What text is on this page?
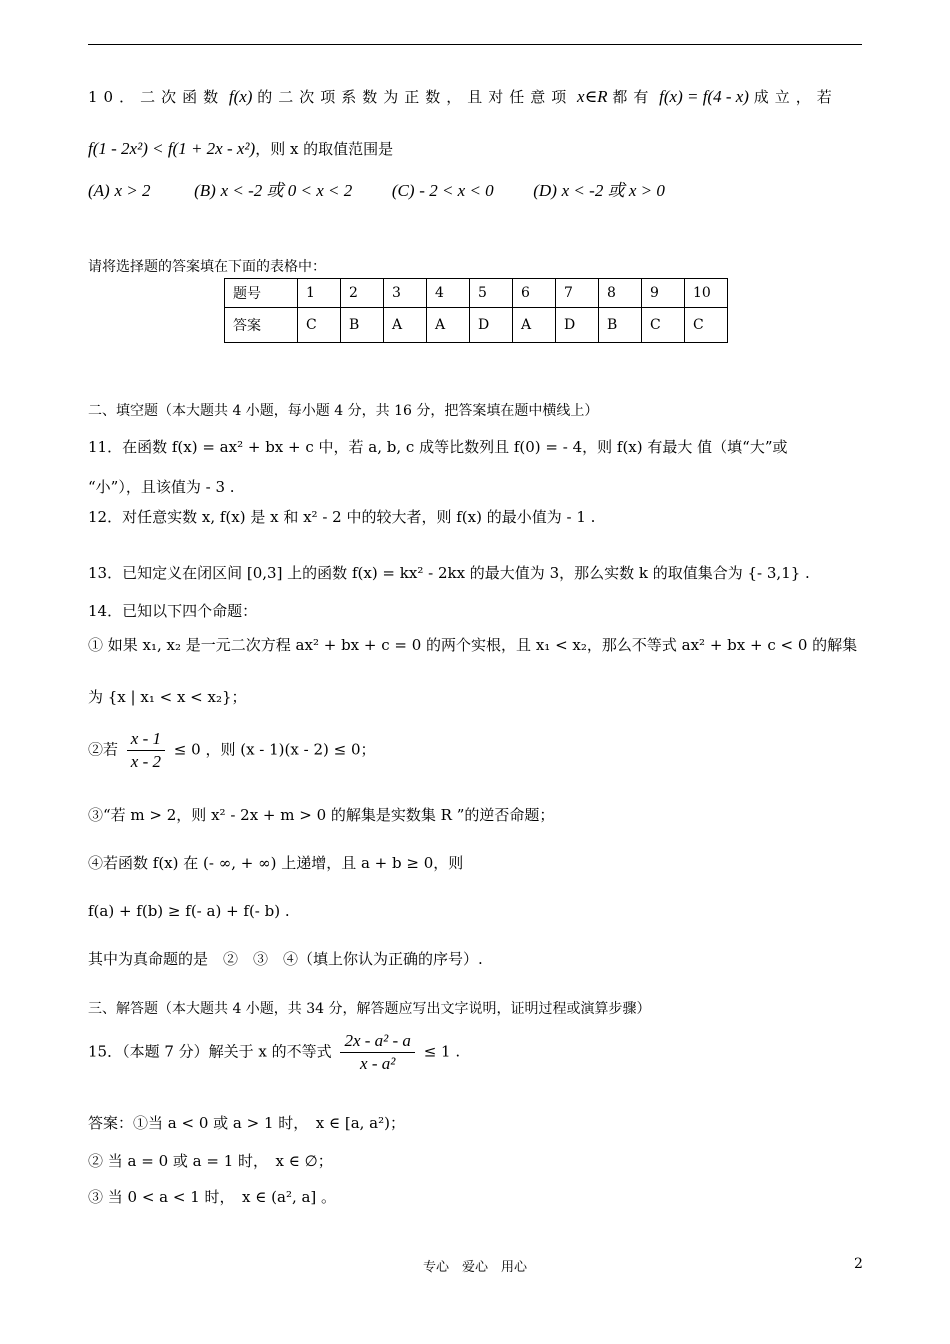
10．二次函数 f(x) 的二次项系数为正数，且对任意项 x∈R 都有 f(x) = f(4 - x) 成立，若
f(1 - 2x²) < f(1 + 2x - x²)，则 x 的取值范围是
(A) x > 2	(B) x < -2 或 0 < x < 2 (C) - 2 < x < 0 (D) x < -2 或 x > 0
请将选择题的答案填在下面的表格中：
题号	1	2	3	4	5	6	7	8	9	10
答案	C	B	A	A	D	A	D	B	C	C
二、填空题（本大题共 4 小题，每小题 4 分，共 16 分，把答案填在题中横线上）
11．在函数 f(x) = ax² + bx + c 中，若 a, b, c 成等比数列且 f(0) = - 4，则 f(x) 有最大 值（填“大”或
“小”），且该值为 - 3 .
12．对任意实数 x, f(x) 是 x 和 x² - 2 中的较大者，则 f(x) 的最小值为 - 1 .
13．已知定义在闭区间 [0,3] 上的函数 f(x) = kx² - 2kx 的最大值为 3，那么实数 k 的取值集合为 {- 3,1} .
14．已知以下四个命题：
① 如果 x₁, x₂ 是一元二次方程 ax² + bx + c = 0 的两个实根，且 x₁ < x₂，那么不等式 ax² + bx + c < 0 的解集
为 {x | x₁ < x < x₂}；
②若 $\frac{x - 1}{x - 2} \le 0$ ，则 (x - 1)(x - 2) ≤ 0；
③“若 m > 2，则 x² - 2x + m > 0 的解集是实数集 R ”的逆否命题；
④若函数 f(x) 在 (- ∞, + ∞) 上递增，且 a + b ≥ 0，则
f(a) + f(b) ≥ f(- a) + f(- b) .
其中为真命题的是　②　③　④（填上你认为正确的序号）.
三、解答题（本大题共 4 小题，共 34 分，解答题应写出文字说明，证明过程或演算步骤）
15．（本题 7 分）解关于 x 的不等式 $\frac{\text{2x - a² - a}}{\text{x - a²}} \le 1$ .
答案：①当 a < 0 或 a > 1 时，　x ∈ [a, a²)；
② 当 a = 0 或 a = 1 时，　x ∈ ∅；
③ 当 0 < a < 1 时，　x ∈ (a², a] 。
专心　爱心　用心	2
